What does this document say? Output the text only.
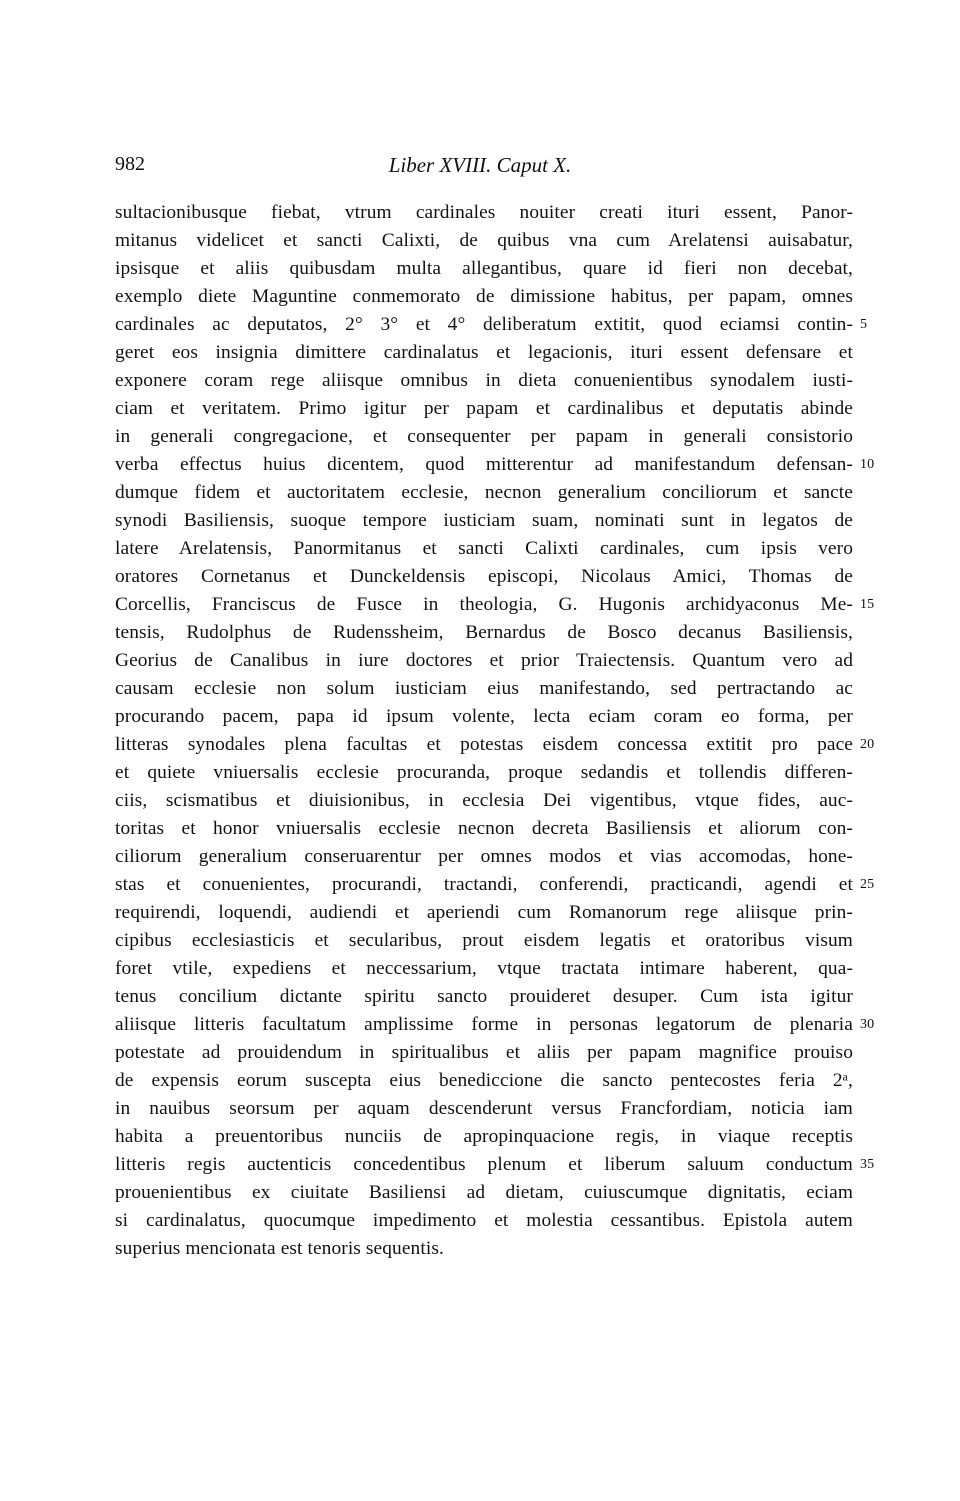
982	Liber XVIII. Caput X.
sultacionibusque fiebat, vtrum cardinales nouiter creati ituri essent, Panor-
mitanus videlicet et sancti Calixti, de quibus vna cum Arelatensi auisabatur,
ipsisque et aliis quibusdam multa allegantibus, quare id fieri non decebat,
exemplo diete Maguntine conmemorato de dimissione habitus, per papam, omnes
cardinales ac deputatos, 2° 3° et 4° deliberatum extitit, quod eciamsi contin- 5
geret eos insignia dimittere cardinalatus et legacionis, ituri essent defensare et
exponere coram rege aliisque omnibus in dieta conuenientibus synodalem iusti-
ciam et veritatem. Primo igitur per papam et cardinalibus et deputatis abinde
in generali congregacione, et consequenter per papam in generali consistorio
verba effectus huius dicentem, quod mitterentur ad manifestandum defensan- 10
dumque fidem et auctoritatem ecclesie, necnon generalium conciliorum et sancte
synodi Basiliensis, suoque tempore iusticiam suam, nominati sunt in legatos de
latere Arelatensis, Panormitanus et sancti Calixti cardinales, cum ipsis vero
oratores Cornetanus et Dunckeldensis episcopi, Nicolaus Amici, Thomas de
Corcellis, Franciscus de Fusce in theologia, G. Hugonis archidyaconus Me- 15
tensis, Rudolphus de Rudenssheim, Bernardus de Bosco decanus Basiliensis,
Georius de Canalibus in iure doctores et prior Traiectensis. Quantum vero ad
causam ecclesie non solum iusticiam eius manifestando, sed pertractando ac
procurando pacem, papa id ipsum volente, lecta eciam coram eo forma, per
litteras synodales plena facultas et potestas eisdem concessa extitit pro pace 20
et quiete vniuersalis ecclesie procuranda, proque sedandis et tollendis differen-
ciis, scismatibus et diuisionibus, in ecclesia Dei vigentibus, vtque fides, auc-
toritas et honor vniuersalis ecclesie necnon decreta Basiliensis et aliorum con-
ciliorum generalium conseruarentur per omnes modos et vias accomodas, hone-
stas et conuenientes, procurandi, tractandi, conferendi, practicandi, agendi et 25
requirendi, loquendi, audiendi et aperiendi cum Romanorum rege aliisque prin-
cipibus ecclesiasticis et secularibus, prout eisdem legatis et oratoribus visum
foret vtile, expediens et neccessarium, vtque tractata intimare haberent, qua-
tenus concilium dictante spiritu sancto prouideret desuper. Cum ista igitur
aliisque litteris facultatum amplissime forme in personas legatorum de plenaria 30
potestate ad prouidendum in spiritualibus et aliis per papam magnifice prouiso
de expensis eorum suscepta eius benediccione die sancto pentecostes feria 2ᵃ,
in nauibus seorsum per aquam descenderunt versus Francfordiam, noticia iam
habita a preuentoribus nunciis de apropinquacione regis, in viaque receptis
litteris regis auctenticis concedentibus plenum et liberum saluum conductum 35
prouenientibus ex ciuitate Basiliensi ad dietam, cuiuscumque dignitatis, eciam
si cardinalatus, quocumque impedimento et molestia cessantibus. Epistola autem
superius mencionata est tenoris sequentis.
